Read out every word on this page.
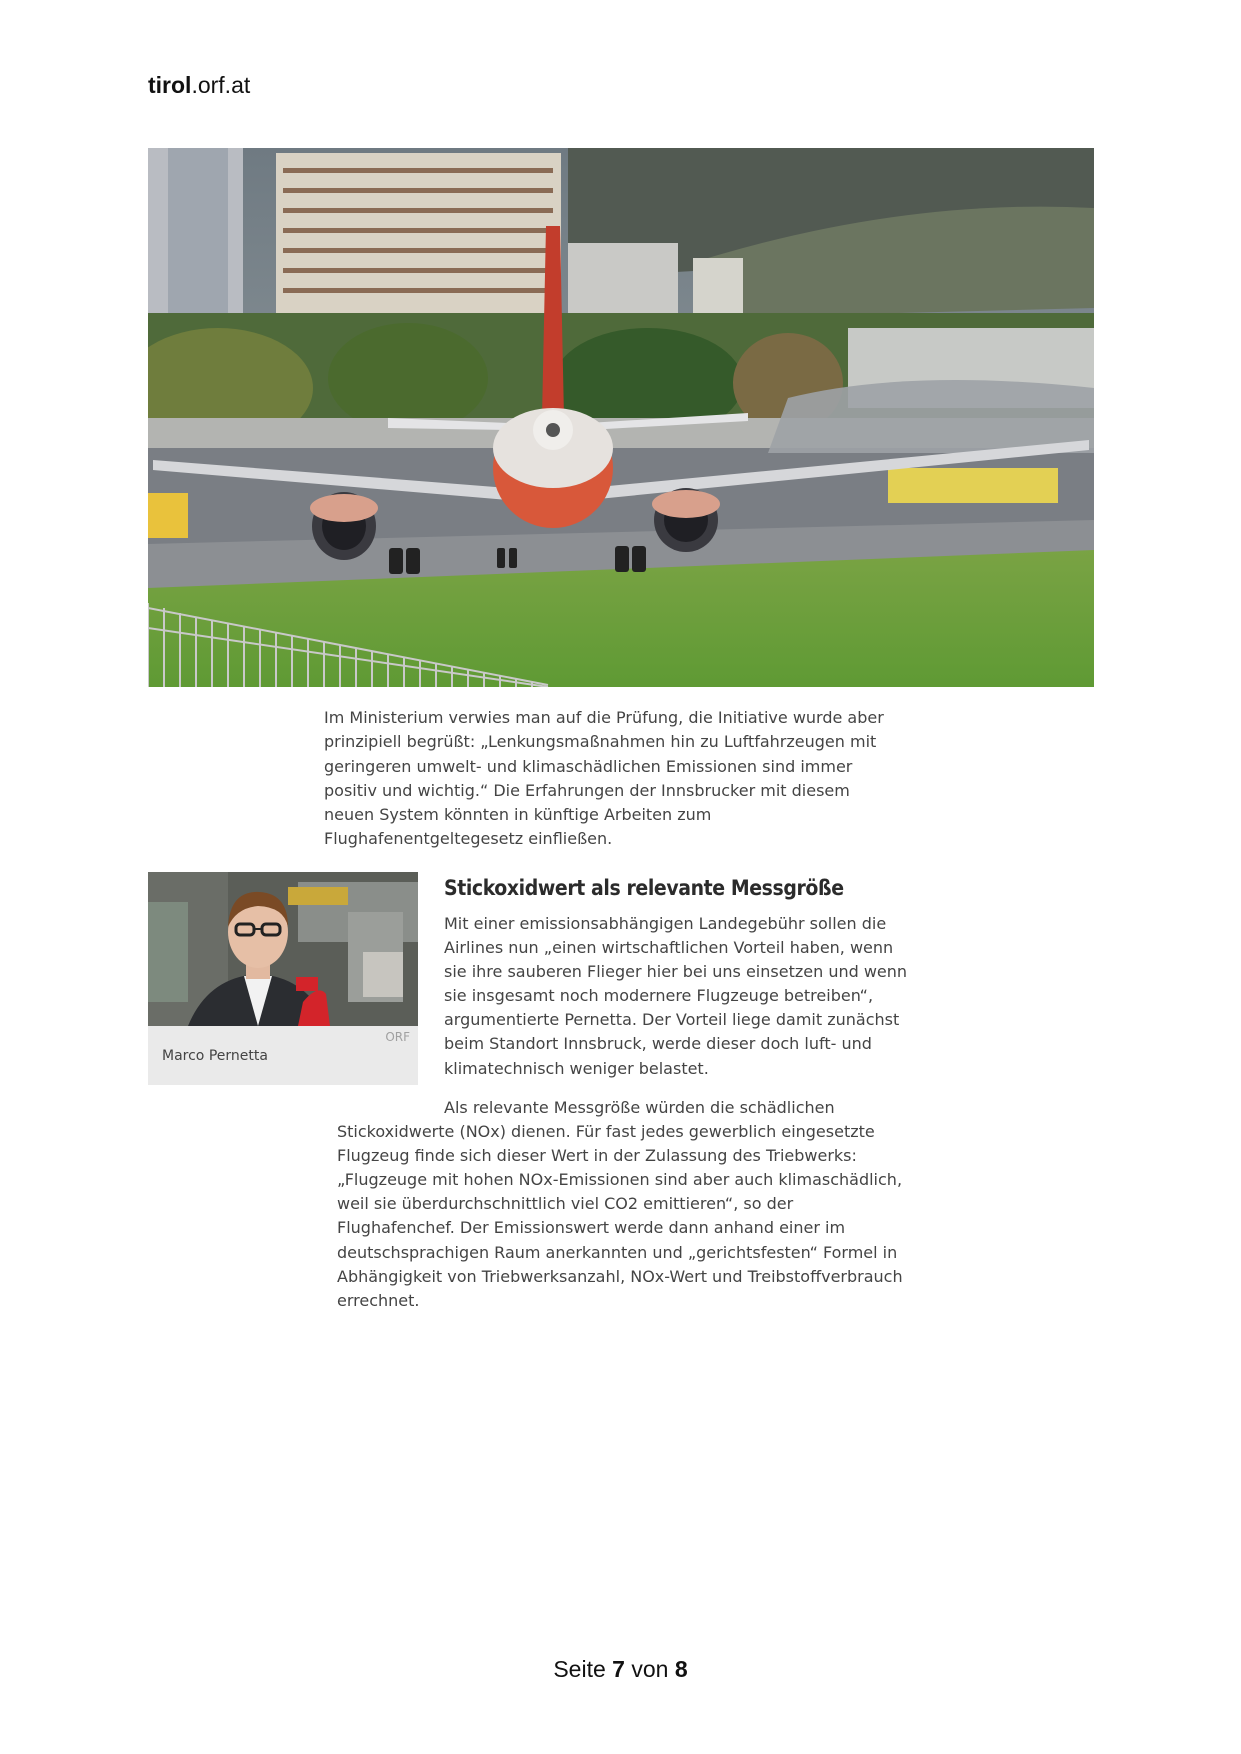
tirol.orf.at
Im Ministerium verwies man auf die Prüfung, die Initiative wurde aber
prinzipiell begrüßt: „Lenkungsmaßnahmen hin zu Luftfahrzeugen mit
geringeren umwelt- und klimaschädlichen Emissionen sind immer
positiv und wichtig.“ Die Erfahrungen der Innsbrucker mit diesem
neuen System könnten in künftige Arbeiten zum
Flughafenentgeltegesetz einfließen.
ORF
Marco Pernetta
Stickoxidwert als relevante Messgröße
Mit einer emissionsabhängigen Landegebühr sollen die
Airlines nun „einen wirtschaftlichen Vorteil haben, wenn
sie ihre sauberen Flieger hier bei uns einsetzen und wenn
sie insgesamt noch modernere Flugzeuge betreiben“,
argumentierte Pernetta. Der Vorteil liege damit zunächst
beim Standort Innsbruck, werde dieser doch luft- und
klimatechnisch weniger belastet.
Als relevante Messgröße würden die schädlichen
Stickoxidwerte (NOx) dienen. Für fast jedes gewerblich eingesetzte
Flugzeug finde sich dieser Wert in der Zulassung des Triebwerks:
„Flugzeuge mit hohen NOx-Emissionen sind aber auch klimaschädlich,
weil sie überdurchschnittlich viel CO2 emittieren“, so der
Flughafenchef. Der Emissionswert werde dann anhand einer im
deutschsprachigen Raum anerkannten und „gerichtsfesten“ Formel in
Abhängigkeit von Triebwerksanzahl, NOx-Wert und Treibstoffverbrauch
errechnet.
Seite 7 von 8
